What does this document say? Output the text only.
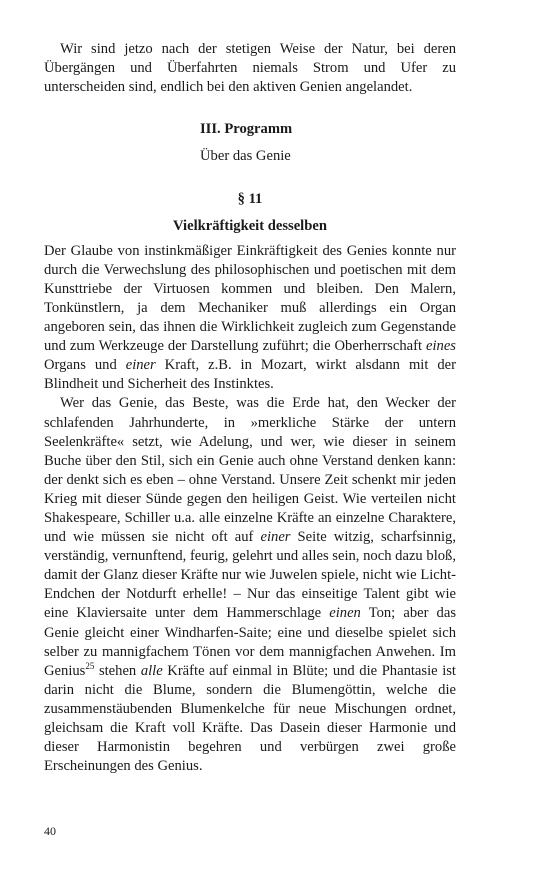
Wir sind jetzo nach der stetigen Weise der Natur, bei deren Übergängen und Überfahrten niemals Strom und Ufer zu unterscheiden sind, endlich bei den aktiven Genien angelandet.

III. Programm
Über das Genie
§ 11
Vielkräftigkeit desselben

Der Glaube von instinkmäßiger Einkräftigkeit des Genies konnte nur durch die Verwechslung des philosophischen und poetischen mit dem Kunsttriebe der Virtuosen kommen und bleiben. Den Malern, Tonkünstlern, ja dem Mechaniker muß allerdings ein Organ angeboren sein, das ihnen die Wirklichkeit zugleich zum Gegenstande und zum Werkzeuge der Darstellung zuführt; die Oberherrschaft eines Organs und einer Kraft, z.B. in Mozart, wirkt alsdann mit der Blindheit und Sicherheit des Instinktes.

Wer das Genie, das Beste, was die Erde hat, den Wecker der schlafenden Jahrhunderte, in »merkliche Stärke der untern Seelenkräfte« setzt, wie Adelung, und wer, wie dieser in seinem Buche über den Stil, sich ein Genie auch ohne Verstand denken kann: der denkt sich es eben – ohne Verstand. Unsere Zeit schenkt mir jeden Krieg mit dieser Sünde gegen den heiligen Geist. Wie verteilen nicht Shakespeare, Schiller u.a. alle einzelne Kräfte an einzelne Charaktere, und wie müssen sie nicht oft auf einer Seite witzig, scharfsinnig, verständig, vernunftend, feurig, gelehrt und alles sein, noch dazu bloß, damit der Glanz dieser Kräfte nur wie Juwelen spiele, nicht wie Licht-Endchen der Notdurft erhelle! – Nur das einseitige Talent gibt wie eine Klaviersaite unter dem Hammerschlage einen Ton; aber das Genie gleicht einer Windharfen-Saite; eine und dieselbe spielet sich selber zu mannigfachem Tönen vor dem mannigfachen Anwehen. Im Genius$^{25}$ stehen alle Kräfte auf einmal in Blüte; und die Phantasie ist darin nicht die Blume, sondern die Blumengöttin, welche die zusammenstäubenden Blumenkelche für neue Mischungen ordnet, gleichsam die Kraft voll Kräfte. Das Dasein dieser Harmonie und dieser Harmonistin begehren und verbürgen zwei große Erscheinungen des Genius.

40
